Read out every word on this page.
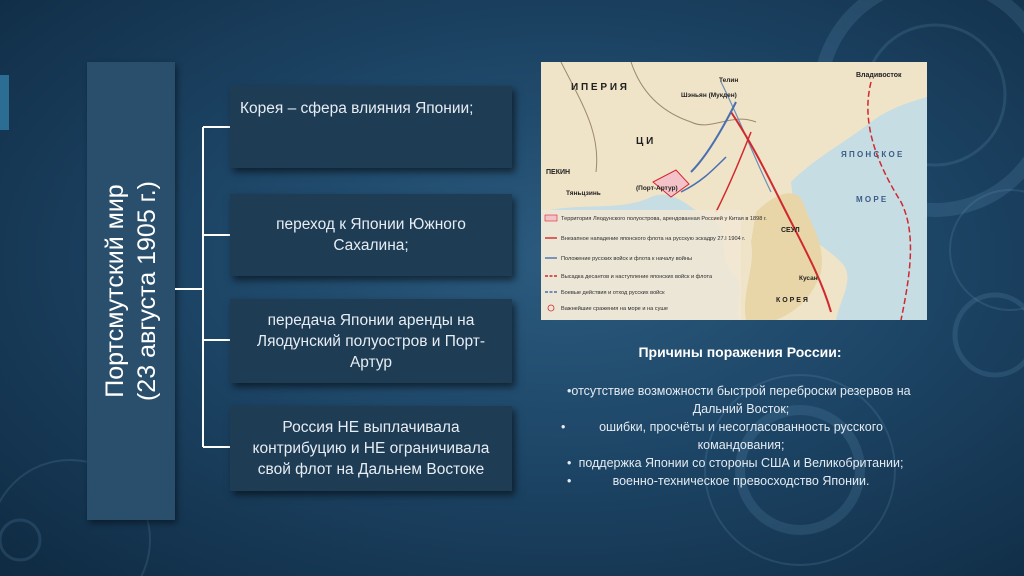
Портсмутский мир (23 августа 1905 г.)
Корея – сфера влияния Японии;
переход к Японии Южного Сахалина;
передача Японии аренды на Ляодунский полуостров и Порт-Артур
Россия НЕ выплачивала контрибуцию и НЕ ограничивала свой флот на Дальнем Востоке
Территория Ляодунского полуострова, арендованная Россией у Китая в 1898 г.
Внезапное нападение японского флота на русскую эскадру 27.I 1904 г.
Положение русских войск и флота к началу войны
Высадка десантов и наступление японских войск и флота
Боевые действия и отход русских войск
Важнейшие сражения на море и на суше
И П Е Р И Я
Ц И
Владивосток
Шэньян (Мукден)
Телин
ПЕКИН
Тяньцзинь
(Порт-Артур)
СЕУЛ
Кусан
Я П О Н С К О Е
М О Р Е
К О Р Е Я
Причины поражения России:
• отсутствие возможности быстрой переброски резервов на Дальний Восток;
• ошибки, просчёты и несогласованность русского командования;
• поддержка Японии со стороны США и Великобритании;
• военно-техническое превосходство Японии.
